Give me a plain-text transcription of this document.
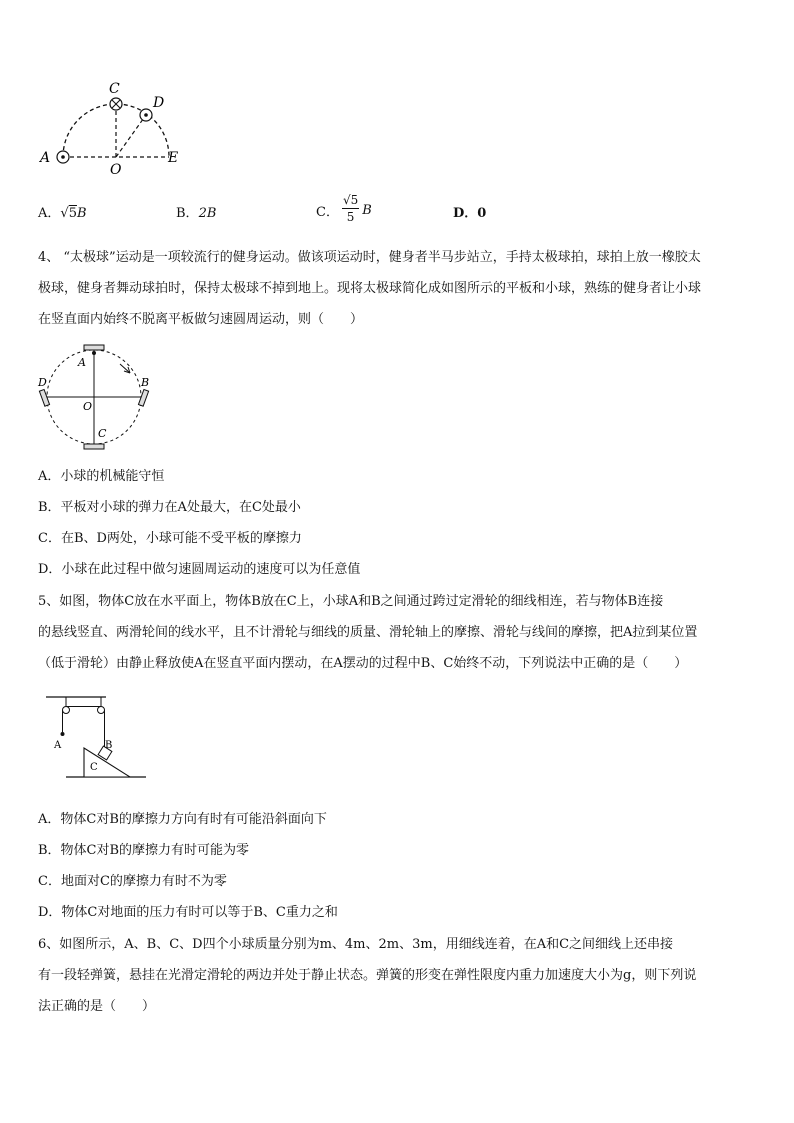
A
C
D
O
E
A．√5B	B．2B	C．
√5
5 B	D．0
4、 “太极球”运动是一项较流行的健身运动。做该项运动时，健身者半马步站立，手持太极球拍，球拍上放一橡胶太
极球，健身者舞动球拍时，保持太极球不掉到地上。现将太极球简化成如图所示的平板和小球，熟练的健身者让小球
在竖直面内始终不脱离平板做匀速圆周运动，则（　　）
A
B
C
D
O
A．小球的机械能守恒
B．平板对小球的弹力在A处最大，在C处最小
C．在B、D两处，小球可能不受平板的摩擦力
D．小球在此过程中做匀速圆周运动的速度可以为任意值
5、如图，物体C放在水平面上，物体B放在C上，小球A和B之间通过跨过定滑轮的细线相连，若与物体B连接
的悬线竖直、两滑轮间的线水平，且不计滑轮与细线的质量、滑轮轴上的摩擦、滑轮与线间的摩擦，把A拉到某位置
（低于滑轮）由静止释放使A在竖直平面内摆动，在A摆动的过程中B、C始终不动，下列说法中正确的是（　　）
A	B
C
A．物体C对B的摩擦力方向有时有可能沿斜面向下
B．物体C对B的摩擦力有时可能为零
C．地面对C的摩擦力有时不为零
D．物体C对地面的压力有时可以等于B、C重力之和
6、如图所示，A、B、C、D四个小球质量分别为m、4m、2m、3m，用细线连着，在A和C之间细线上还串接
有一段轻弹簧，悬挂在光滑定滑轮的两边并处于静止状态。弹簧的形变在弹性限度内重力加速度大小为g，则下列说
法正确的是（　　）
